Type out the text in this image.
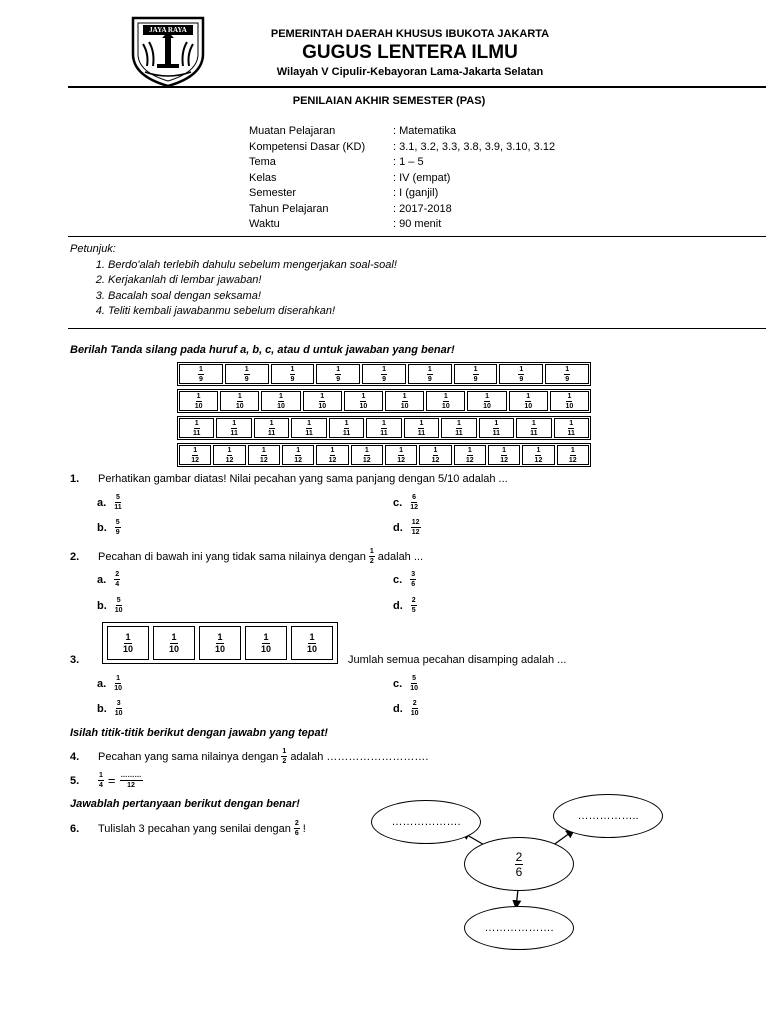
JAYA RAYA	PEMERINTAH DAERAH KHUSUS IBUKOTA JAKARTA
GUGUS LENTERA ILMU
Wilayah V Cipulir-Kebayoran Lama-Jakarta Selatan
PENILAIAN AKHIR SEMESTER (PAS)
Muatan Pelajaran	: Matematika
Kompetensi Dasar (KD)	: 3.1, 3.2, 3.3, 3.8, 3.9, 3.10, 3.12
Tema	: 1 – 5
Kelas	: IV (empat)
Semester	: I (ganjil)
Tahun Pelajaran	: 2017-2018
Waktu	: 90 menit
Petunjuk:
1. Berdo'alah terlebih dahulu sebelum mengerjakan soal-soal!
2. Kerjakanlah di lembar jawaban!
3. Bacalah soal dengan seksama!
4. Teliti kembali jawabanmu sebelum diserahkan!
Berilah Tanda silang pada huruf a, b, c, atau d untuk jawaban yang benar!
$\frac{1}{9}$	$\frac{1}{9}$	$\frac{1}{9}$	$\frac{1}{9}$	$\frac{1}{9}$	$\frac{1}{9}$	$\frac{1}{9}$	$\frac{1}{9}$	$\frac{1}{9}$
$\frac{1}{10}$	$\frac{1}{10}$	$\frac{1}{10}$	$\frac{1}{10}$	$\frac{1}{10}$	$\frac{1}{10}$	$\frac{1}{10}$	$\frac{1}{10}$	$\frac{1}{10}$	$\frac{1}{10}$
$\frac{1}{11}$	$\frac{1}{11}$	$\frac{1}{11}$	$\frac{1}{11}$	$\frac{1}{11}$	$\frac{1}{11}$	$\frac{1}{11}$	$\frac{1}{11}$	$\frac{1}{11}$	$\frac{1}{11}$	$\frac{1}{11}$
$\frac{1}{12}$	$\frac{1}{12}$	$\frac{1}{12}$	$\frac{1}{12}$	$\frac{1}{12}$	$\frac{1}{12}$	$\frac{1}{12}$	$\frac{1}{12}$	$\frac{1}{12}$	$\frac{1}{12}$	$\frac{1}{12}$	$\frac{1}{12}$
1.	Perhatikan gambar diatas! Nilai pecahan yang sama panjang dengan 5/10 adalah ...
a. $\frac{5}{11}$
b. $\frac{5}{9}$
c. $\frac{6}{12}$
d. $\frac{12}{12}$
2.	Pecahan di bawah ini yang tidak sama nilainya dengan $\frac{1}{2}$ adalah ...
a. $\frac{2}{4}$
b. $\frac{5}{10}$
c. $\frac{3}{6}$
d. $\frac{2}{5}$
$\frac{1}{10}$	$\frac{1}{10}$	$\frac{1}{10}$	$\frac{1}{10}$	$\frac{1}{10}$
3.	Jumlah semua pecahan disamping adalah ...
a. $\frac{1}{10}$
b. $\frac{3}{10}$
c. $\frac{5}{10}$
d. $\frac{2}{10}$
Isilah titik-titik berikut dengan jawabn yang tepat!
4.	Pecahan yang sama nilainya dengan $\frac{1}{2}$ adalah ……………………….
5.	$\frac{1}{4} = \frac{\dots\dots\dots}{12}$
Jawablah pertanyaan berikut dengan benar!
6.	Tulislah 3 pecahan yang senilai dengan $\frac{2}{6}$ !
……………….	……………..
$\frac{2}{6}$
……………….
